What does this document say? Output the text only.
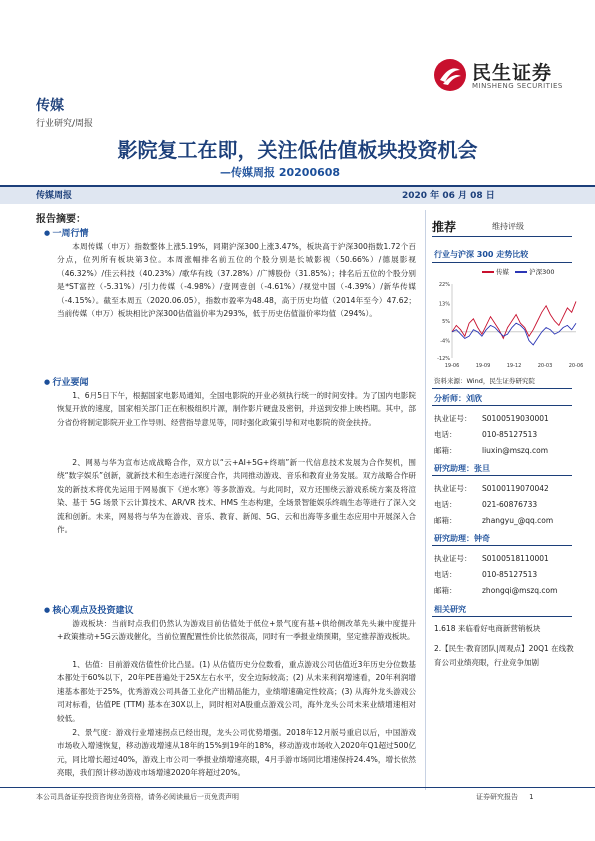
民生证券
MINSHENG SECURITIES
传媒
行业研究/周报
影院复工在即，关注低估值板块投资机会
—传媒周报 20200608
传媒周报	2020 年 06 月 08 日
报告摘要：
● 一周行情
本周传媒（申万）指数整体上涨5.19%，同期沪深300上涨3.47%，板块高于沪深300指数1.72个百分点，位列所有板块第3位。本周涨幅排名前五位的个股分别是长城影视（50.66%）/德展影视（46.32%）/佳云科技（40.23%）/歌华有线（37.28%）/广博股份（31.85%）；排名后五位的个股分别是*ST富控（-5.31%）/引力传媒（-4.98%）/壹网壹创（-4.61%）/视觉中国（-4.39%）/新华传媒（-4.15%）。截至本周五（2020.06.05），指数市盈率为48.48，高于历史均值（2014年至今）47.62；当前传媒（申万）板块相比沪深300估值溢价率为293%，低于历史估值溢价率均值（294%）。
● 行业要闻
1、6月5日下午，根据国家电影局通知，全国电影院的开业必须执行统一的时间安排。为了国内电影院恢复开放的速度，国家相关部门正在积极组织片源，制作影片硬盘及密钥，并送到安排上映档期。其中，部分省份将制定影院开业工作导则、经营指导意见等，同时强化政策引导和对电影院的资金扶持。
2、网易与华为宣布达成战略合作，双方以“云+AI+5G+终端”新一代信息技术发展为合作契机，围绕“数字娱乐”创新，就新技术和生态进行深度合作，共同推动游戏、音乐和教育业务发展。双方战略合作研发的新技术将优先运用于网易旗下《逆水寒》等多款游戏。与此同时，双方还围绕云游戏系统方案及将渲染、基于 5G 场景下云计算技术、AR/VR 技术、HMS 生态构建，全场景智能娱乐终端生态等进行了深入交流和创新。未来，网易将与华为在游戏、音乐、教育、新闻、5G、云和出海等多重生态应用中开展深入合作。
● 核心观点及投资建议
游戏板块：当前时点我们仍然认为游戏目前估值处于低位+景气度有基+供给侧改革先头兼中度提升+政策推动+5G云游戏催化，当前位置配置性价比依然很高，同时有一季报业绩预期，坚定推荐游戏板块。
1、估值：目前游戏估值性价比凸显。(1) 从估值历史分位数看，重点游戏公司估值近3年历史分位数基本都处于60%以下，20年PE普遍处于25X左右水平，安全边际较高；(2) 从未来利润增速看，20年利润增速基本都处于25%，优秀游戏公司具备工业化产出精品能力，业绩增速确定性较高；(3) 从海外龙头游戏公司对标看，估值PE (TTM) 基本在30X以上，同时相对A股重点游戏公司，海外龙头公司未来业绩增速相对较低。
2、景气度：游戏行业增速拐点已经出现，龙头公司优势增强。2018年12月版号重启以后，中国游戏市场收入增速恢复，移动游戏增速从18年的15%到19年的18%，移动游戏市场收入2020年Q1超过500亿元，同比增长超过40%，游戏上市公司一季报业绩增速亮眼，4月手游市场同比增速保持24.4%，增长依然亮眼，我们预计移动游戏市场增速2020年将超过20%。
推荐	维持评级
行业与沪深 300 走势比较
传媒	沪深300
22%
13%
5%
-4%
-12%
19-06	19-09	19-12	20-03	20-06
资料来源：Wind，民生证券研究院
分析师：刘欣
执业证号：	S0100519030001
电话：	010-85127513
邮箱：	liuxin@mszq.com
研究助理：张旦
执业证号：	S0100119070042
电话：	021-60876733
邮箱：	zhangyu_@qq.com
研究助理：钟奇
执业证号：	S0100518110001
电话：	010-85127513
邮箱：	zhongqi@mszq.com
相关研究
1.618 来临看好电商新营销板块
2.【民生·教育团队|周观点】20Q1 在线教育公司业绩亮眼，行业竞争加剧
本公司具备证券投资咨询业务资格，请务必阅读最后一页免责声明	证券研究报告 1
